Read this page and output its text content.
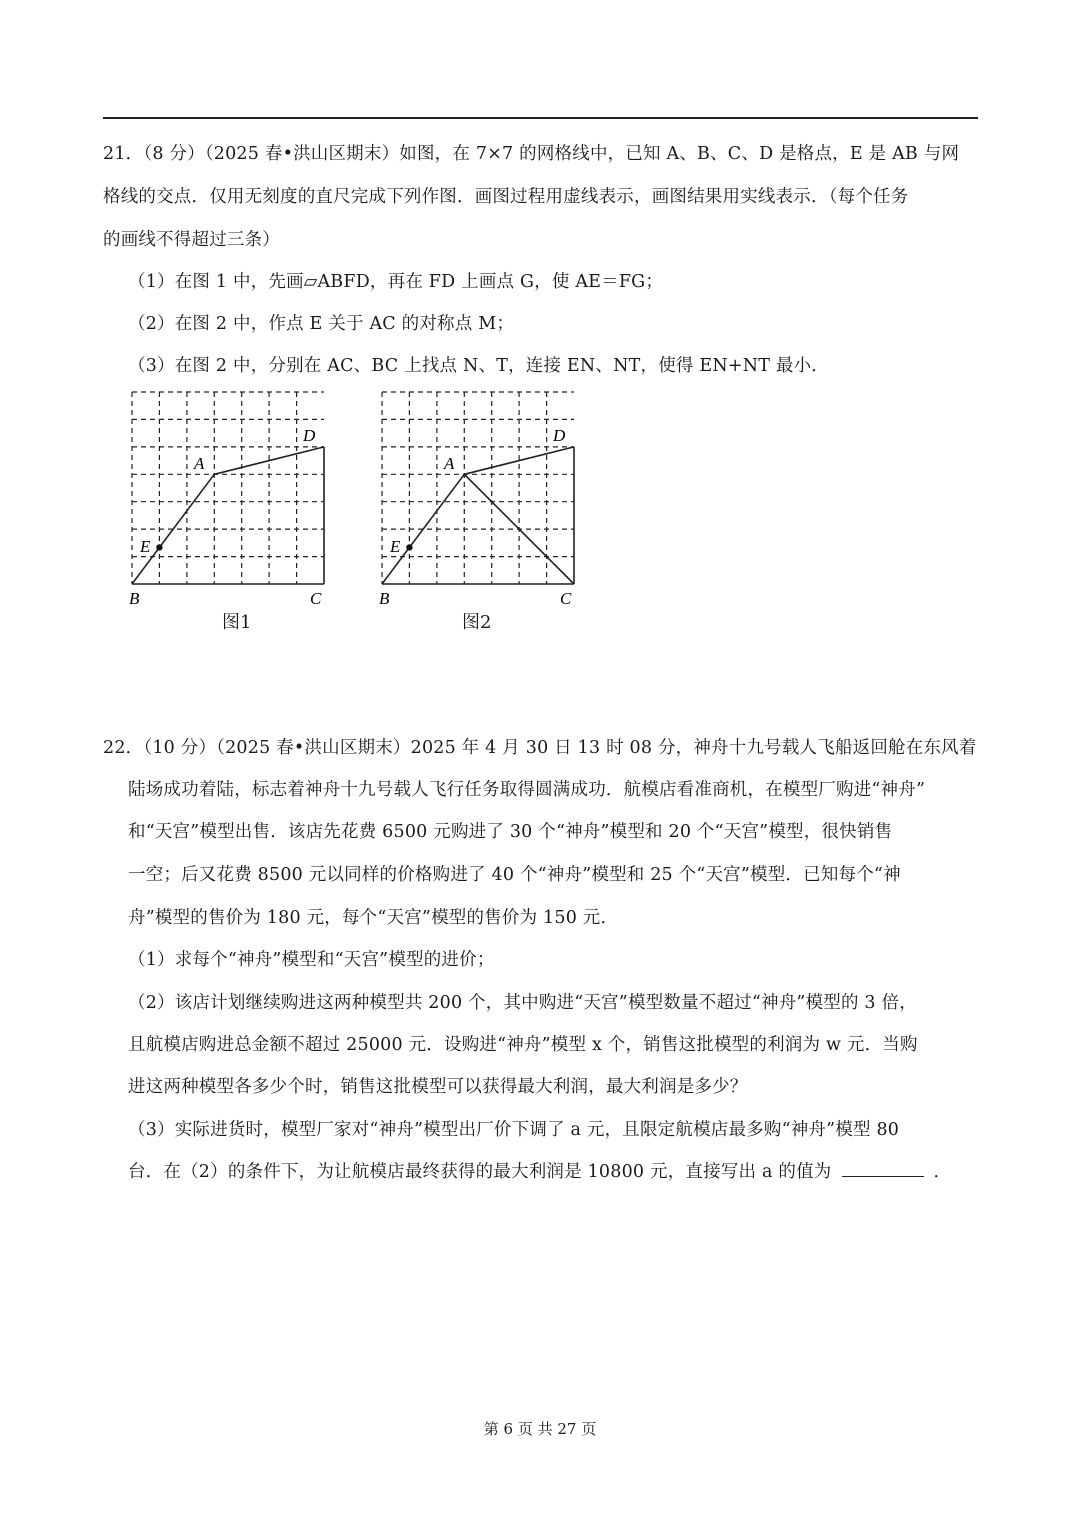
21．（8 分）（2025 春•洪山区期末）如图，在 7×7 的网格线中，已知 A、B、C、D 是格点，E 是 AB 与网
格线的交点．仅用无刻度的直尺完成下列作图．画图过程用虚线表示，画图结果用实线表示．（每个任务
的画线不得超过三条）
（1）在图 1 中，先画▱ABFD，再在 FD 上画点 G，使 AE＝FG；
（2）在图 2 中，作点 E 关于 AC 的对称点 M；
（3）在图 2 中，分别在 AC、BC 上找点 N、T，连接 EN、NT，使得 EN+NT 最小．
A
D
E
B	C
图1
A
D
E
B	C
图2
22．（10 分）（2025 春•洪山区期末）2025 年 4 月 30 日 13 时 08 分，神舟十九号载人飞船返回舱在东风着
陆场成功着陆，标志着神舟十九号载人飞行任务取得圆满成功．航模店看准商机，在模型厂购进“神舟”
和“天宫”模型出售．该店先花费 6500 元购进了 30 个“神舟”模型和 20 个“天宫”模型，很快销售
一空；后又花费 8500 元以同样的价格购进了 40 个“神舟”模型和 25 个“天宫”模型．已知每个“神
舟”模型的售价为 180 元，每个“天宫”模型的售价为 150 元．
（1）求每个“神舟”模型和“天宫”模型的进价；
（2）该店计划继续购进这两种模型共 200 个，其中购进“天宫”模型数量不超过“神舟”模型的 3 倍，
且航模店购进总金额不超过 25000 元．设购进“神舟”模型 x 个，销售这批模型的利润为 w 元．当购
进这两种模型各多少个时，销售这批模型可以获得最大利润，最大利润是多少？
（3）实际进货时，模型厂家对“神舟”模型出厂价下调了 a 元，且限定航模店最多购“神舟”模型 80
台．在（2）的条件下，为让航模店最终获得的最大利润是 10800 元，直接写出 a 的值为	．
第 6 页 共 27 页
